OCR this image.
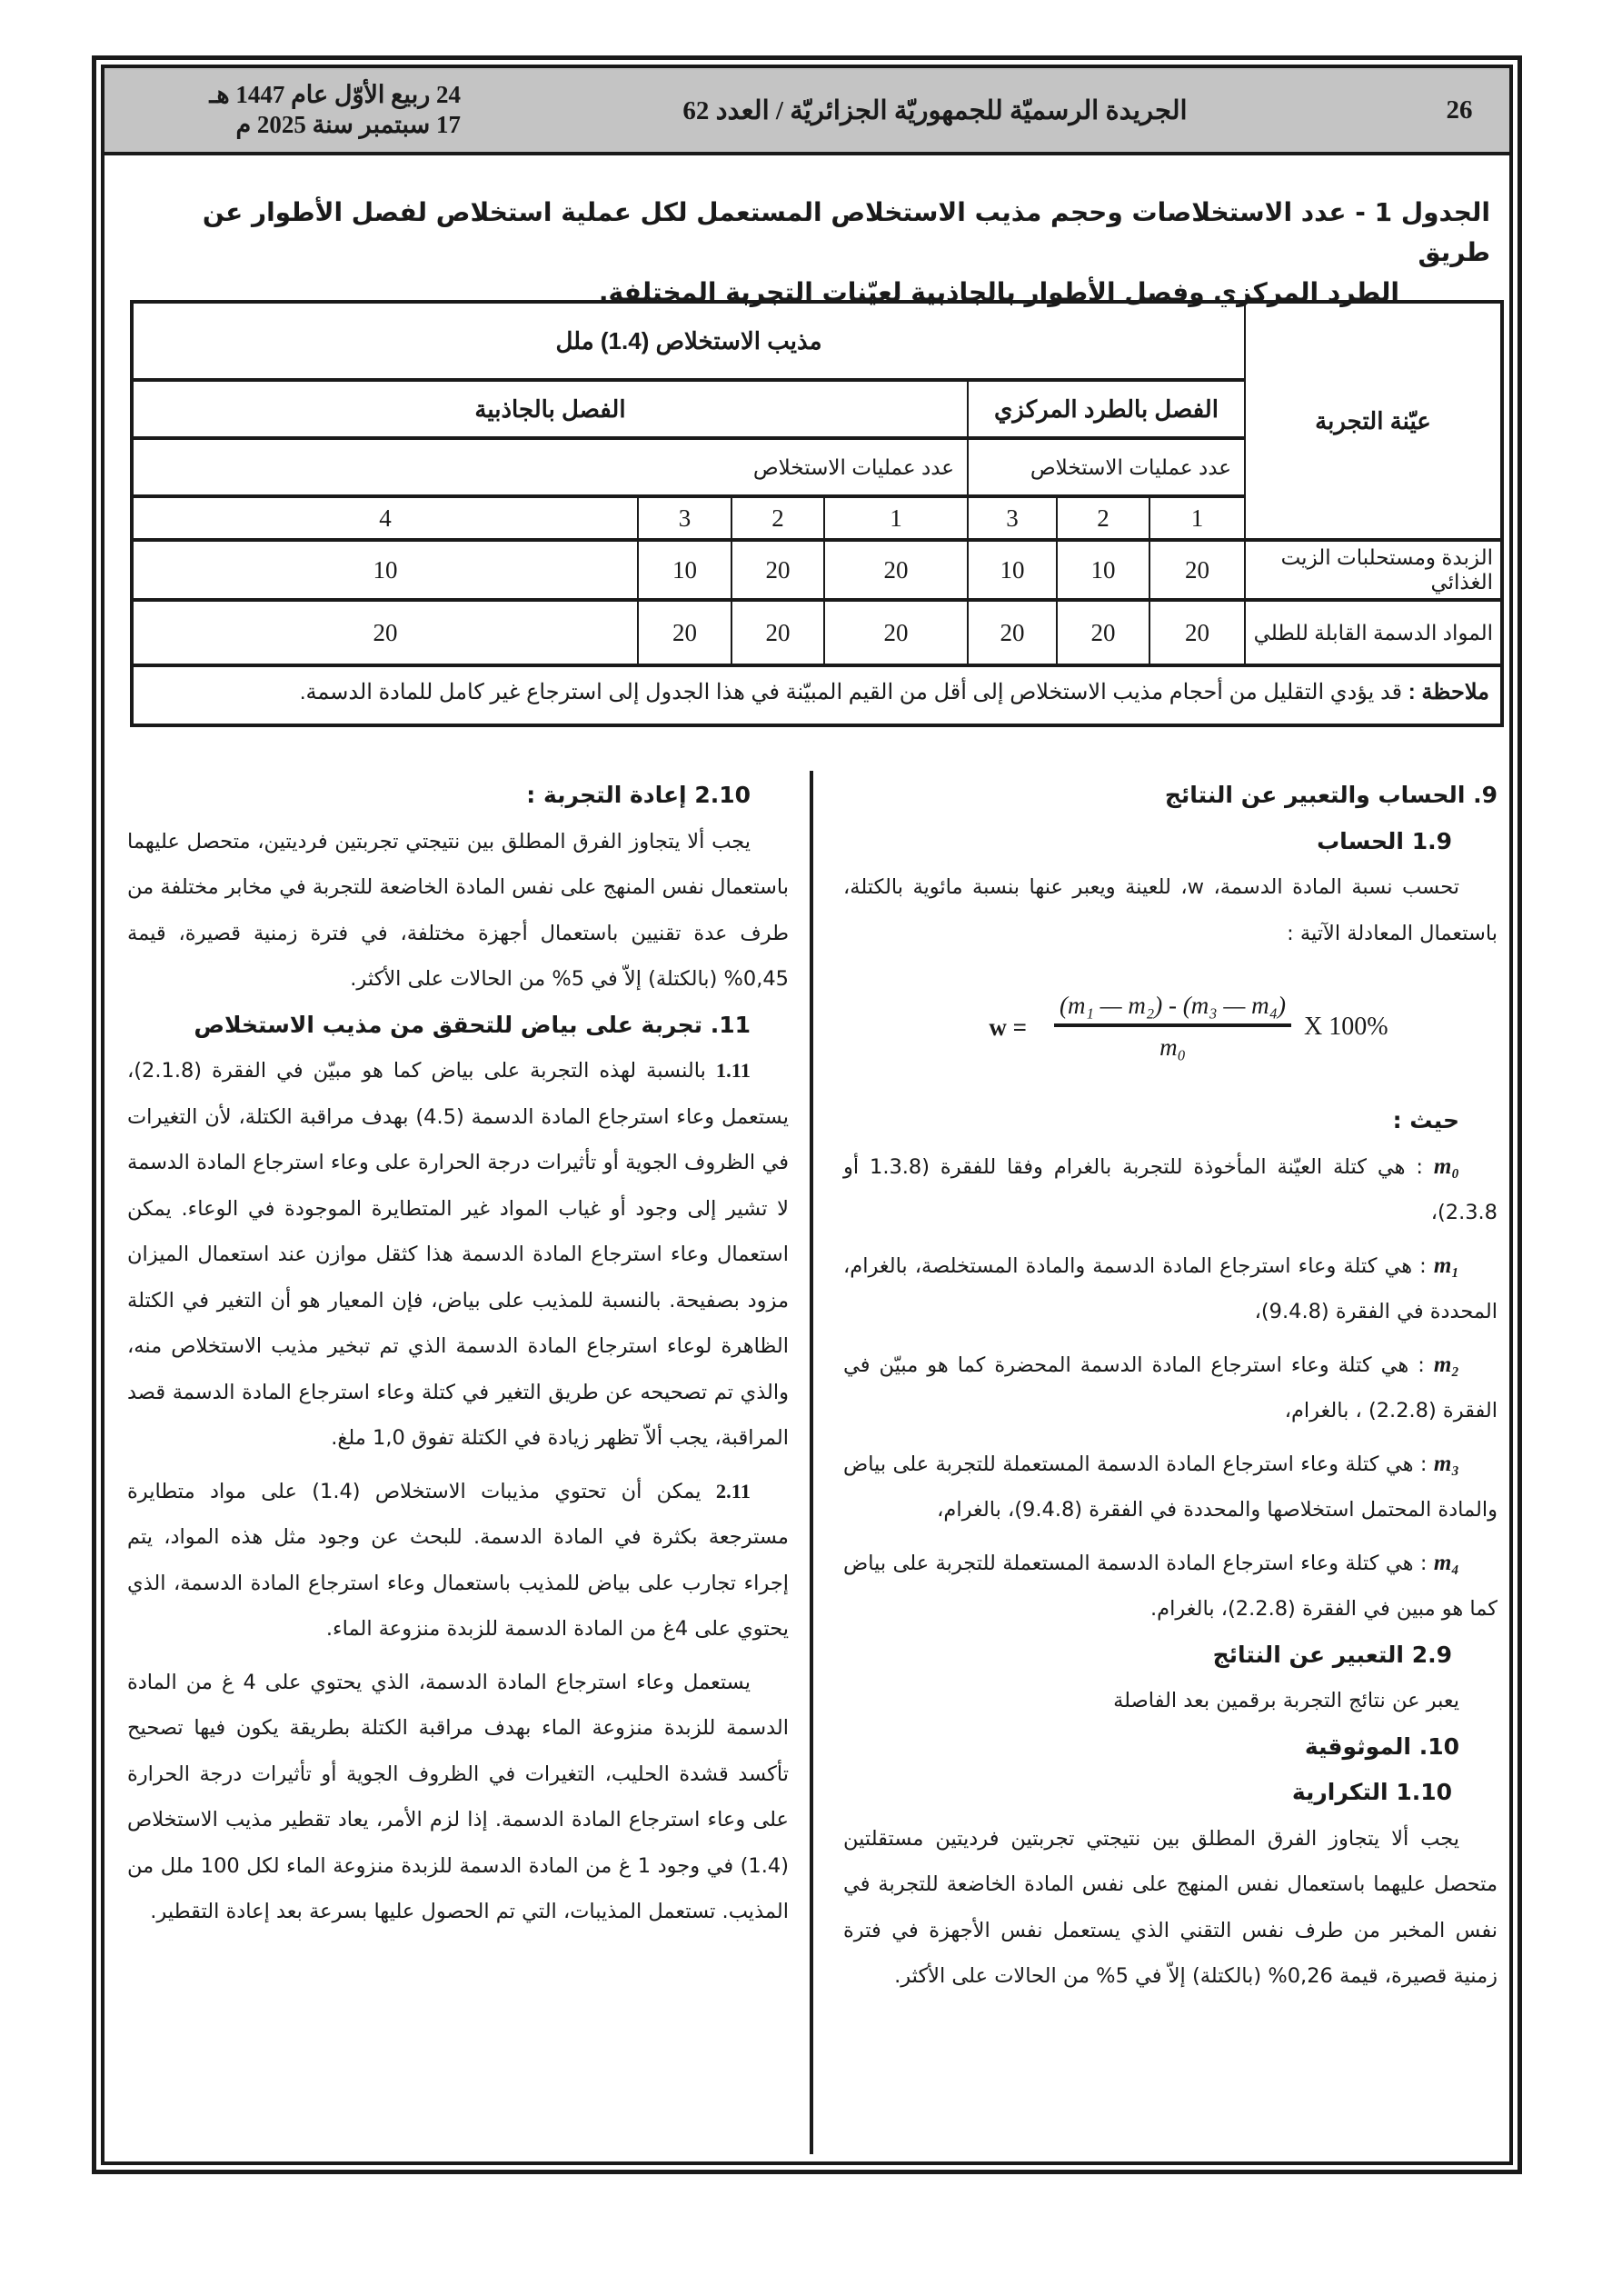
24 ربيع الأوّل عام 1447 هـ
17 سبتمبر سنة 2025 م	الجريدة الرسميّة للجمهوريّة الجزائريّة / العدد 62	26
الجدول 1 - عدد الاستخلاصات وحجم مذيب الاستخلاص المستعمل لكل عملية استخلاص لفصل الأطوار عن طريق
الطرد المركزي وفصل الأطوار بالجاذبية لعيّنات التجربة المختلفة.
عيّنة التجربة	مذيب الاستخلاص (1.4) ملل						
	الفصل بالطرد المركزي			الفصل بالجاذبية			
	عدد عمليات الاستخلاص			عدد عمليات الاستخلاص			
	1	2	3	1	2	3	4
الزبدة ومستحلبات الزيت الغذائي	20	10	10	20	20	10	10
المواد الدسمة القابلة للطلي	20	20	20	20	20	20	20
ملاحظة : قد يؤدي التقليل من أحجام مذيب الاستخلاص إلى أقل من القيم المبيّنة في هذا الجدول إلى استرجاع غير كامل للمادة الدسمة.							

9. الحساب والتعبير عن النتائج

1.9 الحساب

تحسب نسبة المادة الدسمة، w، للعينة ويعبر عنها بنسبة مائوية بالكتلة، باستعمال المعادلة الآتية :

$w = \frac{\text{(m₁ — m₂) - (m₃ — m₄)}}{\text{m₀}}$ X 100%

حيث :

m₀ : هي كتلة العيّنة المأخوذة للتجربة بالغرام وفقا للفقرة (1.3.8 أو 2.3.8)،

m₁ : هي كتلة وعاء استرجاع المادة الدسمة والمادة المستخلصة، بالغرام، المحددة في الفقرة (9.4.8)،

m₂ : هي كتلة وعاء استرجاع المادة الدسمة المحضرة كما هو مبيّن في الفقرة (2.2.8) ، بالغرام،

m₃ : هي كتلة وعاء استرجاع المادة الدسمة المستعملة للتجربة على بياض والمادة المحتمل استخلاصها والمحددة في الفقرة (9.4.8)، بالغرام،

m₄ : هي كتلة وعاء استرجاع المادة الدسمة المستعملة للتجربة على بياض كما هو مبين في الفقرة (2.2.8)، بالغرام.

2.9 التعبير عن النتائج

يعبر عن نتائج التجربة برقمين بعد الفاصلة

10. الموثوقية

1.10 التكرارية

يجب ألا يتجاوز الفرق المطلق بين نتيجتي تجربتين فرديتين مستقلتين متحصل عليهما باستعمال نفس المنهج على نفس المادة الخاضعة للتجربة في نفس المخبر من طرف نفس التقني الذي يستعمل نفس الأجهزة في فترة زمنية قصيرة، قيمة 0,26% (بالكتلة) إلاّ في 5% من الحالات على الأكثر.

2.10 إعادة التجربة :

يجب ألا يتجاوز الفرق المطلق بين نتيجتي تجربتين فرديتين، متحصل عليهما باستعمال نفس المنهج على نفس المادة الخاضعة للتجربة في مخابر مختلفة من طرف عدة تقنيين باستعمال أجهزة مختلفة، في فترة زمنية قصيرة، قيمة 0,45% (بالكتلة) إلاّ في 5% من الحالات على الأكثر.

11. تجربة على بياض للتحقق من مذيب الاستخلاص

1.11 بالنسبة لهذه التجربة على بياض كما هو مبيّن في الفقرة (2.1.8)، يستعمل وعاء استرجاع المادة الدسمة (4.5) بهدف مراقبة الكتلة، لأن التغيرات في الظروف الجوية أو تأثيرات درجة الحرارة على وعاء استرجاع المادة الدسمة لا تشير إلى وجود أو غياب المواد غير المتطايرة الموجودة في الوعاء. يمكن استعمال وعاء استرجاع المادة الدسمة هذا كثقل موازن عند استعمال الميزان مزود بصفيحة. بالنسبة للمذيب على بياض، فإن المعيار هو أن التغير في الكتلة الظاهرة لوعاء استرجاع المادة الدسمة الذي تم تبخير مذيب الاستخلاص منه، والذي تم تصحيحه عن طريق التغير في كتلة وعاء استرجاع المادة الدسمة قصد المراقبة، يجب ألاّ تظهر زيادة في الكتلة تفوق 1,0 ملغ.

2.11 يمكن أن تحتوي مذيبات الاستخلاص (1.4) على مواد متطايرة مسترجعة بكثرة في المادة الدسمة. للبحث عن وجود مثل هذه المواد، يتم إجراء تجارب على بياض للمذيب باستعمال وعاء استرجاع المادة الدسمة، الذي يحتوي على 4غ من المادة الدسمة للزبدة منزوعة الماء.

يستعمل وعاء استرجاع المادة الدسمة، الذي يحتوي على 4 غ من المادة الدسمة للزبدة منزوعة الماء بهدف مراقبة الكتلة بطريقة يكون فيها تصحيح تأكسد قشدة الحليب، التغيرات في الظروف الجوية أو تأثيرات درجة الحرارة على وعاء استرجاع المادة الدسمة. إذا لزم الأمر، يعاد تقطير مذيب الاستخلاص (1.4) في وجود 1 غ من المادة الدسمة للزبدة منزوعة الماء لكل 100 ملل من المذيب. تستعمل المذيبات، التي تم الحصول عليها بسرعة بعد إعادة التقطير.
